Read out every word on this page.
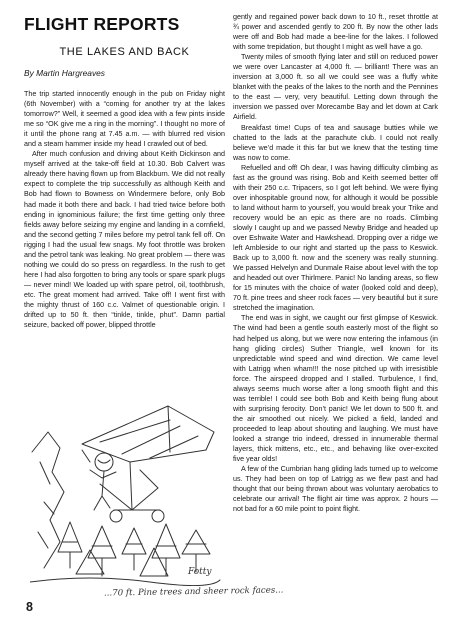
FLIGHT REPORTS
THE LAKES AND BACK
By Martin Hargreaves

The trip started innocently enough in the pub on Friday night (6th November) with a “coming for another try at the lakes tomorrow?” Well, it seemed a good idea with a few pints inside me so “OK give me a ring in the morning”. I thought no more of it until the phone rang at 7.45 a.m. — with blurred red vision and a steam hammer inside my head I crawled out of bed.

After much confusion and driving about Keith Dickinson and myself arrived at the take-off field at 10.30. Bob Calvert was already there having flown up from Blackburn. We did not really expect to complete the trip successfully as although Keith and Bob had flown to Bowness on Windermere before, only Bob had made it both there and back. I had tried twice before both ending in ignominious failure; the first time getting only three fields away before seizing my engine and landing in a cornfield, and the second getting 7 miles before my petrol tank fell off. On rigging I had the usual few snags. My foot throttle was broken and the petrol tank was leaking. No great problem — there was nothing we could do so press on regardless. In the rush to get here I had also forgotten to bring any tools or spare spark plugs — never mind! We loaded up with spare petrol, oil, toothbrush, etc. The great moment had arrived. Take off! I went first with the mighty thrust of 160 c.c. Valmet of questionable origin. I drifted up to 50 ft. then “tinkle, tinkle, phut”. Damn partial seizure, backed off power, blipped throttle

gently and regained power back down to 10 ft., reset throttle at ¾ power and ascended gently to 200 ft. By now the other lads were off and Bob had made a bee-line for the lakes. I followed with some trepidation, but thought I might as well have a go.

Twenty miles of smooth flying later and still on reduced power we were over Lancaster at 4,000 ft. — brilliant! There was an inversion at 3,000 ft. so all we could see was a fluffy white blanket with the peaks of the lakes to the north and the Pennines to the east — very, very beautiful. Letting down through the inversion we passed over Morecambe Bay and let down at Cark Airfield.

Breakfast time! Cups of tea and sausage butties while we chatted to the lads at the parachute club. I could not really believe we’d made it this far but we knew that the testing time was now to come.

Refuelled and off! Oh dear, I was having difficulty climbing as fast as the ground was rising. Bob and Keith seemed better off with their 250 c.c. Tripacers, so I got left behind. We were flying over inhospitable ground now, for although it would be possible to land without harm to yourself, you would break your Trike and recovery would be an epic as there are no roads. Climbing slowly I caught up and we passed Newby Bridge and headed up over Eshwaite Water and Hawkshead. Dropping over a ridge we left Ambleside to our right and started up the pass to Keswick. Back up to 3,000 ft. now and the scenery was really stunning. We passed Helvelyn and Dunmale Raise about level with the top and headed out over Thirlmere. Panic! No landing areas, so flew for 15 minutes with the choice of water (looked cold and deep), 70 ft. pine trees and sheer rock faces — very beautiful but it sure stretched the imagination.

The end was in sight, we caught our first glimpse of Keswick. The wind had been a gentle south easterly most of the flight so had helped us along, but we were now entering the infamous (in hang gliding circles) Suther Triangle, well known for its unpredictable wind speed and wind direction. We came level with Latrigg when wham!!! the nose pitched up with irresistible force. The airspeed dropped and I stalled. Turbulence, I find, always seems much worse after a long smooth flight and this was terrible! I could see both Bob and Keith being flung about with surprising ferocity. Don’t panic! We let down to 500 ft. and the air smoothed out nicely. We picked a field, landed and proceeded to leap about shouting and laughing. We must have looked a strange trio indeed, dressed in innumerable thermal layers, thick mittens, etc., etc., and behaving like over-excited five year olds!

A few of the Cumbrian hang gliding lads turned up to welcome us. They had been on top of Latrigg as we flew past and had thought that our being thrown about was voluntary aerobatics to celebrate our arrival! The flight air time was approx. 2 hours — not bad for a 60 mile point to point flight.

Fotty
...70 ft. Pine trees and sheer rock faces...
8
